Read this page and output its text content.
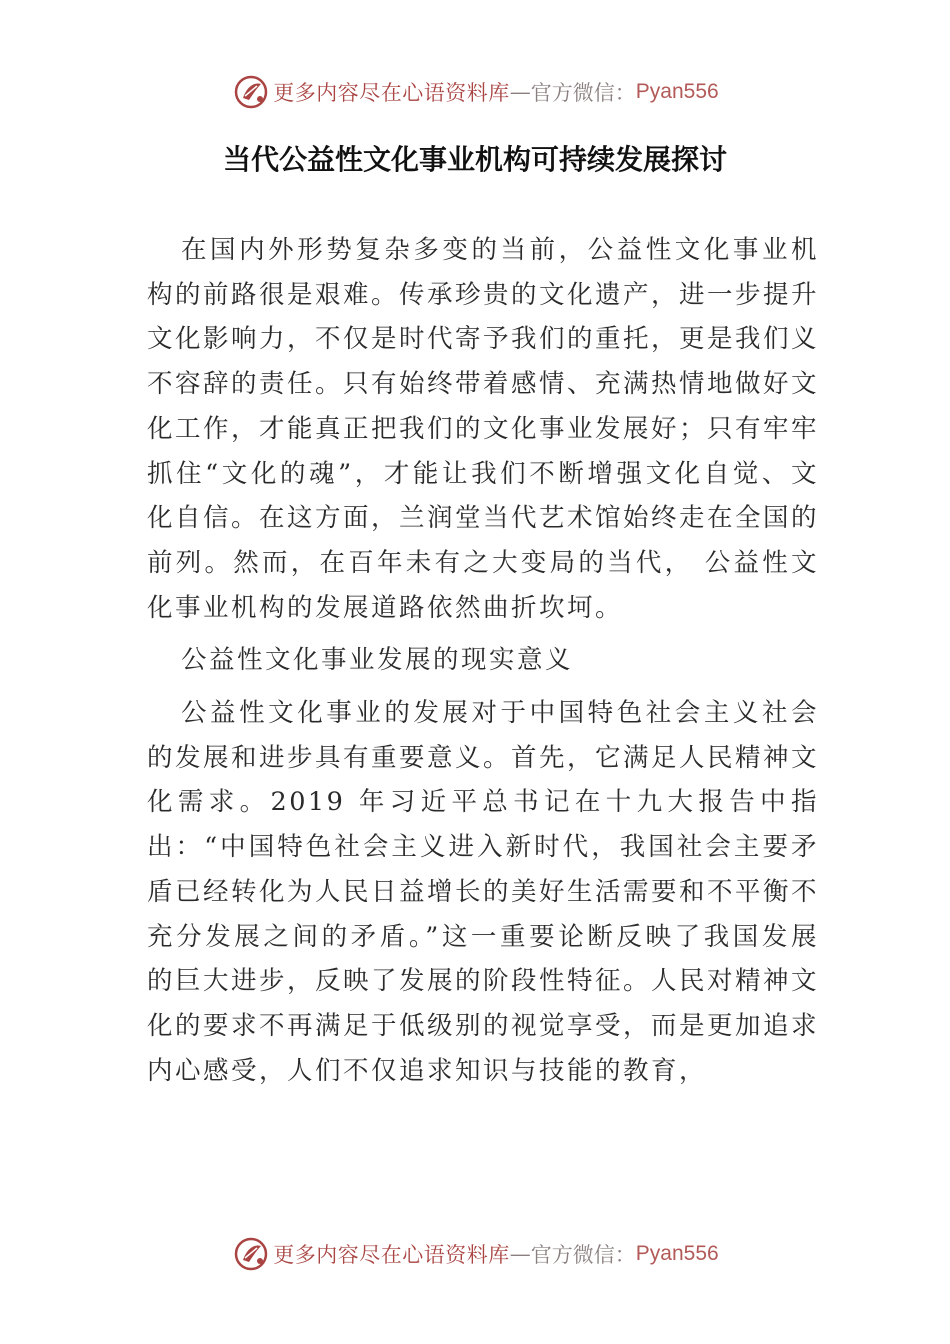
更多内容尽在心语资料库 — 官方微信： Pyan556
当代公益性文化事业机构可持续发展探讨

在国内外形势复杂多变的当前，公益性文化事业机构的前路很是艰难。传承珍贵的文化遗产，进一步提升文化影响力，不仅是时代寄予我们的重托，更是我们义不容辞的责任。只有始终带着感情、充满热情地做好文化工作，才能真正把我们的文化事业发展好；只有牢牢抓住“文化的魂”，才能让我们不断增强文化自觉、文化自信。在这方面，兰润堂当代艺术馆始终走在全国的前列。然而，在百年未有之大变局的当代， 公益性文化事业机构的发展道路依然曲折坎坷。

公益性文化事业发展的现实意义

公益性文化事业的发展对于中国特色社会主义社会的发展和进步具有重要意义。首先，它满足人民精神文化需求。2019 年习近平总书记在十九大报告中指出：“中国特色社会主义进入新时代，我国社会主要矛盾已经转化为人民日益增长的美好生活需要和不平衡不充分发展之间的矛盾。”这一重要论断反映了我国发展的巨大进步，反映了发展的阶段性特征。人民对精神文化的要求不再满足于低级别的视觉享受，而是更加追求内心感受，人们不仅追求知识与技能的教育，

更多内容尽在心语资料库 — 官方微信： Pyan556
